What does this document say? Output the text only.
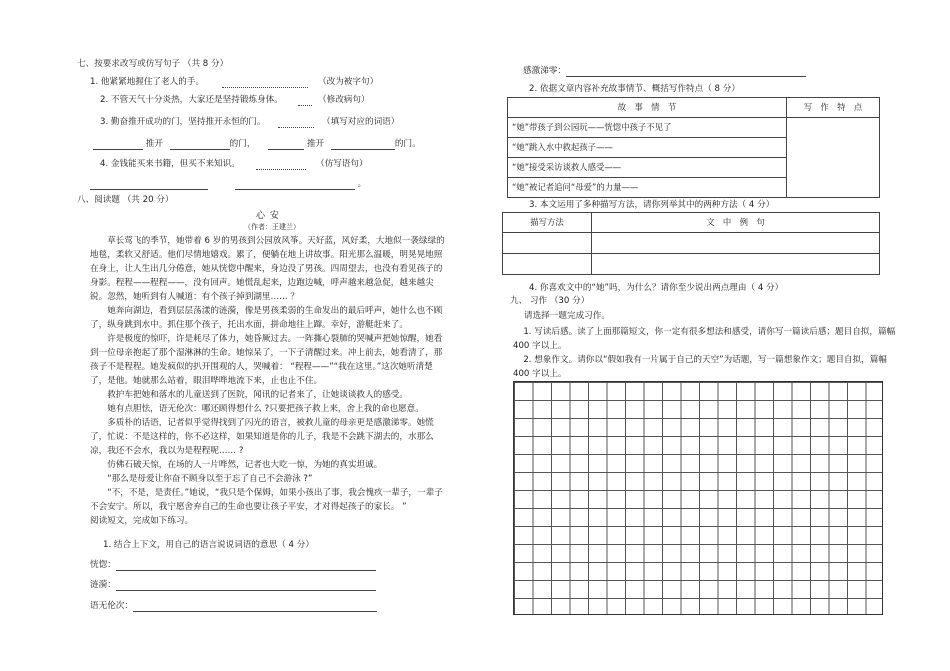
七、按要求改写或仿写句子 （共 8 分）
1. 他紧紧地握住了老人的手。	（改为被字句）
2. 不管天气十分炎热，大家还是坚持锻炼身体。	（修改病句）
3. 勤奋推开成功的门，坚持推开永恒的门。	（填写对应的词语）
推开	的门，	推开	的门。
4. 金钱能买来书籍，但买不来知识。	（仿写语句）
。
八、阅读题 （共 20 分）
心 安
（作者：王建兰）

草长莺飞的季节，她带着 6 岁的男孩到公园放风筝。天好蓝，风好柔，大地似一袭绿绿的地毯，柔软又舒适。他们尽情地嬉戏。累了，便躺在地上讲故事。阳光那么温暖，明晃晃地照在身上，让人生出几分倦意，她从恍惚中醒来，身边没了男孩。四周望去，也没有看见孩子的身影。程程——程程——，没有回声。她慌乱起来，边跑边喊，呼声越来越急促，越来越尖锐。忽然，她听到有人喊道：有个孩子掉到湖里…… ？

她奔向湖边，看到层层荡漾的涟漪，像是男孩柔弱的生命发出的最后呼声，她什么也不顾了，纵身跳到水中。抓住那个孩子，托出水面，拼命地往上蹿。幸好，游艇赶来了。

许是极度的惊吓，许是耗尽了体力，她昏厥过去。一阵撕心裂肺的哭喊声把她惊醒，她看到一位母亲抱起了那个湿淋淋的生命。她惊呆了，一下子清醒过来。冲上前去，她看清了，那孩子不是程程。她发疯似的扒开围观的人，哭喊着： “程程——”“我在这里。”这次她听清楚了，是他。她就那么站着，眼泪哗哗地流下来，止也止不住。

救护车把她和落水的儿童送到了医院，闻讯的记者来了，让她谈谈救人的感受。

她有点胆怯，语无伦次：哪还顾得想什么 ?只要把孩子救上来，舍上我的命也愿意。

多质朴的话语，记者似乎觉得找到了闪光的语言，被救儿童的母亲更是感激涕零。她慌了，忙说：不是这样的，你不必这样，如果知道是你的儿子，我是不会跳下湖去的，水那么凉，我还不会水，我以为是程程呢…… ?

仿佛石破天惊，在场的人一片哗然，记者也大吃一惊，为她的真实坦诚。

“那么是母爱让你奋不顾身以至于忘了自己不会游泳 ?”

“不，不是，是责任。”她说，“我只是个保姆，如果小孩出了事，我会愧疚一辈子，一辈子不会安宁。所以，我宁愿舍弃自己的生命也要让孩子平安，才对得起孩子的家长。 ”

阅读短文，完成如下练习。

1. 结合上下文，用自己的语言说说词语的意思（ 4 分）
恍惚：
涟漪：
语无伦次：
感激涕零：
2. 依据文章内容补充故事情节、概括写作特点（ 8 分）
故　事　情　节	写　作　特　点
“她”带孩子到公园玩——恍惚中孩子不见了	
“她”跳入水中救起孩子——	
“她”接受采访谈救人感受——	
“她”被记者追问“母爱”的力量——	
3. 本文运用了多种描写方法，请你列举其中的两种方法（ 4 分）
描写方法	文　中　例　句

4. 你喜欢文中的“她”吗，为什么？请你至少说出两点理由（ 4 分）
九、 习作 （30 分）
请选择一题完成习作。
1. 写读后感。读了上面那篇短文，你一定有很多想法和感受，请你写一篇读后感；题目自拟，篇幅 400 字以上。
2. 想象作文。请你以“假如我有一片属于自己的天空”为话题，写一篇想象作文；题目自拟，篇幅 400 字以上。
